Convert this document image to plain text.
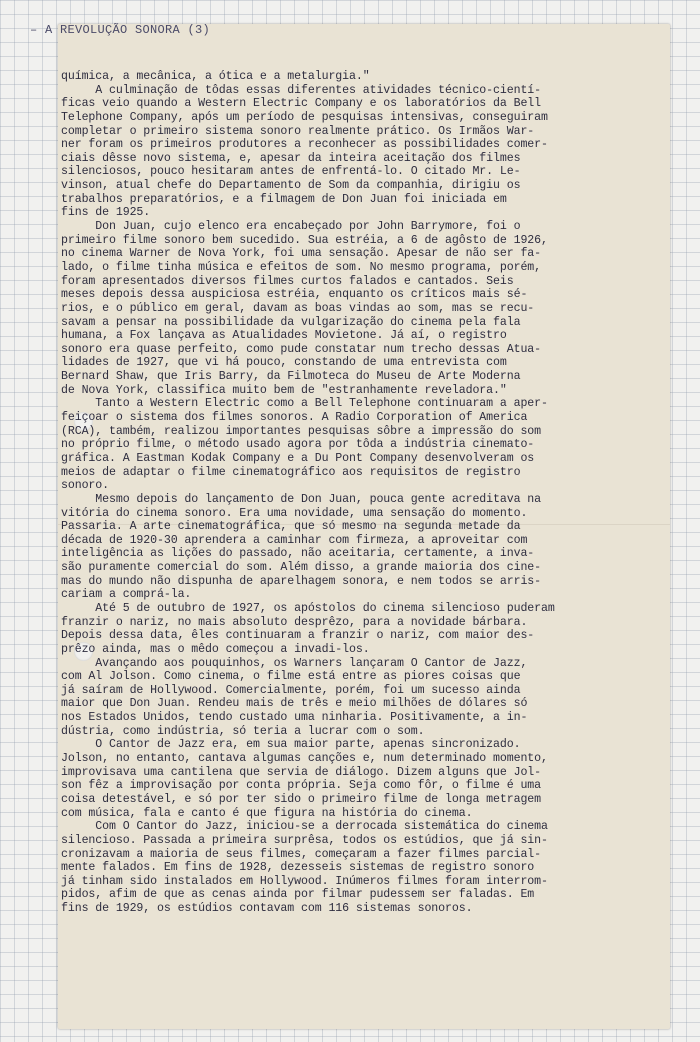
– A REVOLUÇÃO SONORA (3)
química, a mecânica, a ótica e a metalurgia."
A culminação de tôdas essas diferentes atividades técnico-cientí-
ficas veio quando a Western Electric Company e os laboratórios da Bell
Telephone Company, após um período de pesquisas intensivas, conseguiram
completar o primeiro sistema sonoro realmente prático. Os Irmãos War-
ner foram os primeiros produtores a reconhecer as possibilidades comer-
ciais dêsse novo sistema, e, apesar da inteira aceitação dos filmes
silenciosos, pouco hesitaram antes de enfrentá-lo. O citado Mr. Le-
vinson, atual chefe do Departamento de Som da companhia, dirigiu os
trabalhos preparatórios, e a filmagem de Don Juan foi iniciada em
fins de 1925.
Don Juan, cujo elenco era encabeçado por John Barrymore, foi o
primeiro filme sonoro bem sucedido. Sua estréia, a 6 de agôsto de 1926,
no cinema Warner de Nova York, foi uma sensação. Apesar de não ser fa-
lado, o filme tinha música e efeitos de som. No mesmo programa, porém,
foram apresentados diversos filmes curtos falados e cantados. Seis
meses depois dessa auspiciosa estréia, enquanto os críticos mais sé-
rios, e o público em geral, davam as boas vindas ao som, mas se recu-
savam a pensar na possibilidade da vulgarização do cinema pela fala
humana, a Fox lançava as Atualidades Movietone. Já aí, o registro
sonoro era quase perfeito, como pude constatar num trecho dessas Atua-
lidades de 1927, que vi há pouco, constando de uma entrevista com
Bernard Shaw, que Iris Barry, da Filmoteca do Museu de Arte Moderna
de Nova York, classifica muito bem de "estranhamente reveladora."
Tanto a Western Electric como a Bell Telephone continuaram a aper-
feiçoar o sistema dos filmes sonoros. A Radio Corporation of America
(RCA), também, realizou importantes pesquisas sôbre a impressão do som
no próprio filme, o método usado agora por tôda a indústria cinemato-
gráfica. A Eastman Kodak Company e a Du Pont Company desenvolveram os
meios de adaptar o filme cinematográfico aos requisitos de registro
sonoro.
Mesmo depois do lançamento de Don Juan, pouca gente acreditava na
vitória do cinema sonoro. Era uma novidade, uma sensação do momento.
Passaria. A arte cinematográfica, que só mesmo na segunda metade da
década de 1920-30 aprendera a caminhar com firmeza, a aproveitar com
inteligência as lições do passado, não aceitaria, certamente, a inva-
são puramente comercial do som. Além disso, a grande maioria dos cine-
mas do mundo não dispunha de aparelhagem sonora, e nem todos se arris-
cariam a comprá-la.
Até 5 de outubro de 1927, os apóstolos do cinema silencioso puderam
franzir o nariz, no mais absoluto desprêzo, para a novidade bárbara.
Depois dessa data, êles continuaram a franzir o nariz, com maior des-
prêzo ainda, mas o mêdo começou a invadi-los.
Avançando aos pouquinhos, os Warners lançaram O Cantor de Jazz,
com Al Jolson. Como cinema, o filme está entre as piores coisas que
já saíram de Hollywood. Comercialmente, porém, foi um sucesso ainda
maior que Don Juan. Rendeu mais de três e meio milhões de dólares só
nos Estados Unidos, tendo custado uma ninharia. Positivamente, a in-
dústria, como indústria, só teria a lucrar com o som.
O Cantor de Jazz era, em sua maior parte, apenas sincronizado.
Jolson, no entanto, cantava algumas canções e, num determinado momento,
improvisava uma cantilena que servia de diálogo. Dizem alguns que Jol-
son fêz a improvisação por conta própria. Seja como fôr, o filme é uma
coisa detestável, e só por ter sido o primeiro filme de longa metragem
com música, fala e canto é que figura na história do cinema.
Com O Cantor do Jazz, iniciou-se a derrocada sistemática do cinema
silencioso. Passada a primeira surprêsa, todos os estúdios, que já sin-
cronizavam a maioria de seus filmes, começaram a fazer filmes parcial-
mente falados. Em fins de 1928, dezesseis sistemas de registro sonoro
já tinham sido instalados em Hollywood. Inúmeros filmes foram interrom-
pidos, afim de que as cenas ainda por filmar pudessem ser faladas. Em
fins de 1929, os estúdios contavam com 116 sistemas sonoros.
